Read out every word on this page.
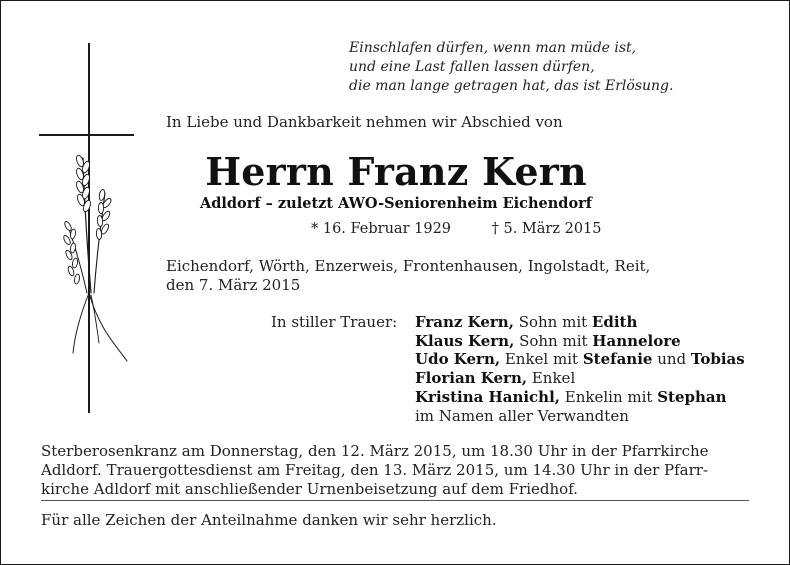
Einschlafen dürfen, wenn man müde ist,
und eine Last fallen lassen dürfen,
die man lange getragen hat, das ist Erlösung.
In Liebe und Dankbarkeit nehmen wir Abschied von
Herrn Franz Kern
Adldorf – zuletzt AWO-Seniorenheim Eichendorf
* 16. Februar 1929	† 5. März 2015
Eichendorf, Wörth, Enzerweis, Frontenhausen, Ingolstadt, Reit,
den 7. März 2015
In stiller Trauer: Franz Kern, Sohn mit Edith
Klaus Kern, Sohn mit Hannelore
Udo Kern, Enkel mit Stefanie und Tobias
Florian Kern, Enkel
Kristina Hanichl, Enkelin mit Stephan
im Namen aller Verwandten
Sterberosenkranz am Donnerstag, den 12. März 2015, um 18.30 Uhr in der Pfarrkirche
Adldorf. Trauergottesdienst am Freitag, den 13. März 2015, um 14.30 Uhr in der Pfarr-
kirche Adldorf mit anschließender Urnenbeisetzung auf dem Friedhof.
Für alle Zeichen der Anteilnahme danken wir sehr herzlich.
